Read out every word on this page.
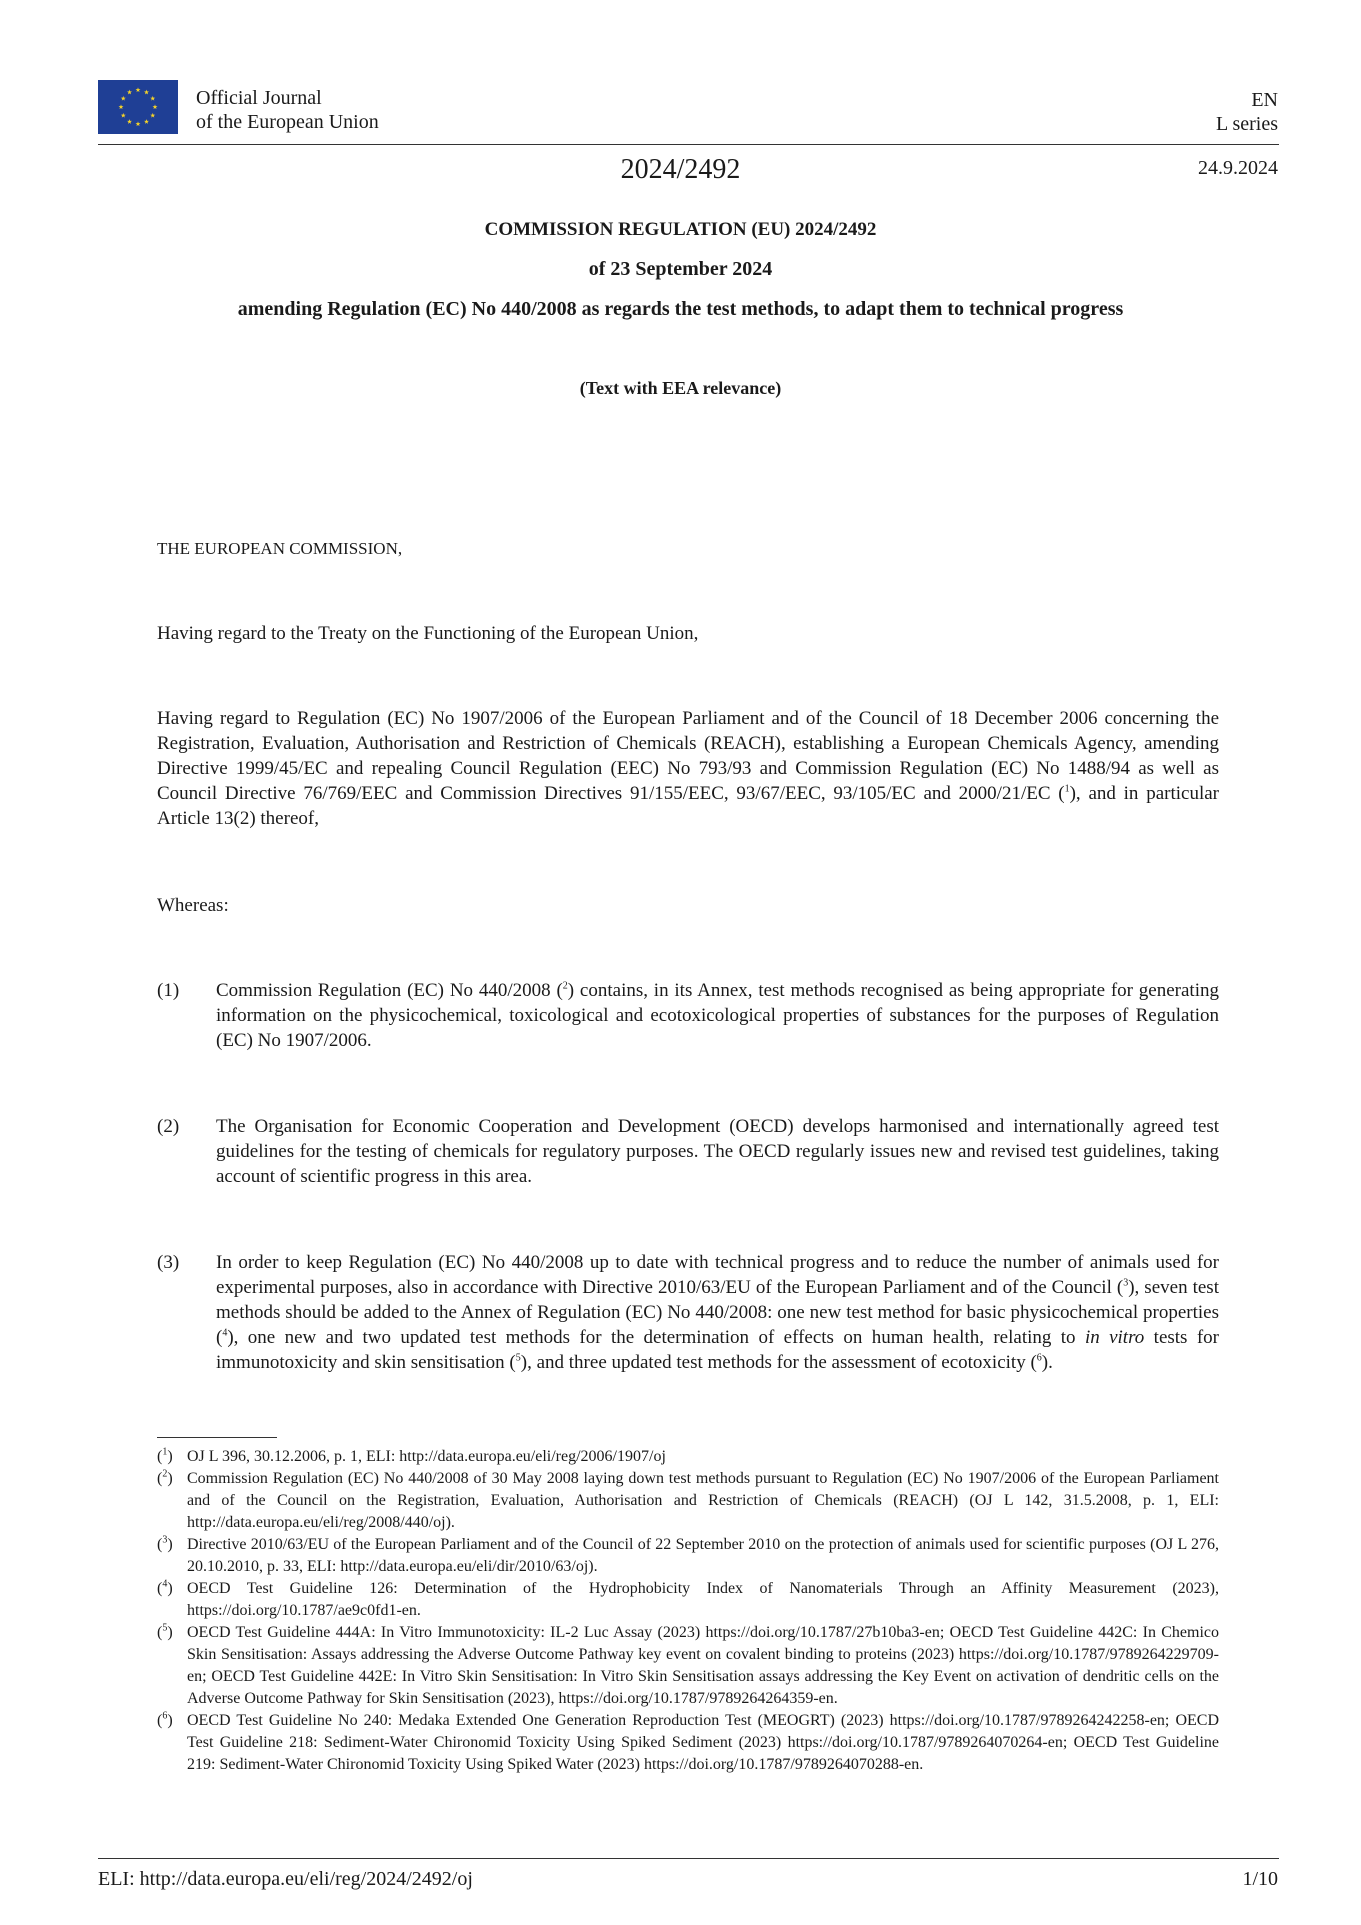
Official Journal
of the European Union
EN
L series
2024/2492	24.9.2024
COMMISSION REGULATION (EU) 2024/2492
of 23 September 2024
amending Regulation (EC) No 440/2008 as regards the test methods, to adapt them to technical progress
(Text with EEA relevance)
THE EUROPEAN COMMISSION,
Having regard to the Treaty on the Functioning of the European Union,
Having regard to Regulation (EC) No 1907/2006 of the European Parliament and of the Council of 18 December 2006 concerning the Registration, Evaluation, Authorisation and Restriction of Chemicals (REACH), establishing a European Chemicals Agency, amending Directive 1999/45/EC and repealing Council Regulation (EEC) No 793/93 and Commission Regulation (EC) No 1488/94 as well as Council Directive 76/769/EEC and Commission Directives 91/155/EEC, 93/67/EEC, 93/105/EC and 2000/21/EC ($^1$), and in particular Article 13(2) thereof,
Whereas:
(1) Commission Regulation (EC) No 440/2008 ($^2$) contains, in its Annex, test methods recognised as being appropriate for generating information on the physicochemical, toxicological and ecotoxicological properties of substances for the purposes of Regulation (EC) No 1907/2006.
(2) The Organisation for Economic Cooperation and Development (OECD) develops harmonised and internationally agreed test guidelines for the testing of chemicals for regulatory purposes. The OECD regularly issues new and revised test guidelines, taking account of scientific progress in this area.
(3) In order to keep Regulation (EC) No 440/2008 up to date with technical progress and to reduce the number of animals used for experimental purposes, also in accordance with Directive 2010/63/EU of the European Parliament and of the Council ($^3$), seven test methods should be added to the Annex of Regulation (EC) No 440/2008: one new test method for basic physicochemical properties ($^4$), one new and two updated test methods for the determination of effects on human health, relating to in vitro tests for immunotoxicity and skin sensitisation ($^5$), and three updated test methods for the assessment of ecotoxicity ($^6$).
($^1$) OJ L 396, 30.12.2006, p. 1, ELI: http://data.europa.eu/eli/reg/2006/1907/oj
($^2$) Commission Regulation (EC) No 440/2008 of 30 May 2008 laying down test methods pursuant to Regulation (EC) No 1907/2006 of the European Parliament and of the Council on the Registration, Evaluation, Authorisation and Restriction of Chemicals (REACH) (OJ L 142, 31.5.2008, p. 1, ELI: http://data.europa.eu/eli/reg/2008/440/oj).
($^3$) Directive 2010/63/EU of the European Parliament and of the Council of 22 September 2010 on the protection of animals used for scientific purposes (OJ L 276, 20.10.2010, p. 33, ELI: http://data.europa.eu/eli/dir/2010/63/oj).
($^4$) OECD Test Guideline 126: Determination of the Hydrophobicity Index of Nanomaterials Through an Affinity Measurement (2023), https://doi.org/10.1787/ae9c0fd1-en.
($^5$) OECD Test Guideline 444A: In Vitro Immunotoxicity: IL-2 Luc Assay (2023) https://doi.org/10.1787/27b10ba3-en; OECD Test Guideline 442C: In Chemico Skin Sensitisation: Assays addressing the Adverse Outcome Pathway key event on covalent binding to proteins (2023) https://doi.org/10.1787/9789264229709-en; OECD Test Guideline 442E: In Vitro Skin Sensitisation: In Vitro Skin Sensitisation assays addressing the Key Event on activation of dendritic cells on the Adverse Outcome Pathway for Skin Sensitisation (2023), https://doi.org/10.1787/9789264264359-en.
($^6$) OECD Test Guideline No 240: Medaka Extended One Generation Reproduction Test (MEOGRT) (2023) https://doi.org/10.1787/9789264242258-en; OECD Test Guideline 218: Sediment-Water Chironomid Toxicity Using Spiked Sediment (2023) https://doi.org/10.1787/9789264070264-en; OECD Test Guideline 219: Sediment-Water Chironomid Toxicity Using Spiked Water (2023) https://doi.org/10.1787/9789264070288-en.
ELI: http://data.europa.eu/eli/reg/2024/2492/oj	1/10
